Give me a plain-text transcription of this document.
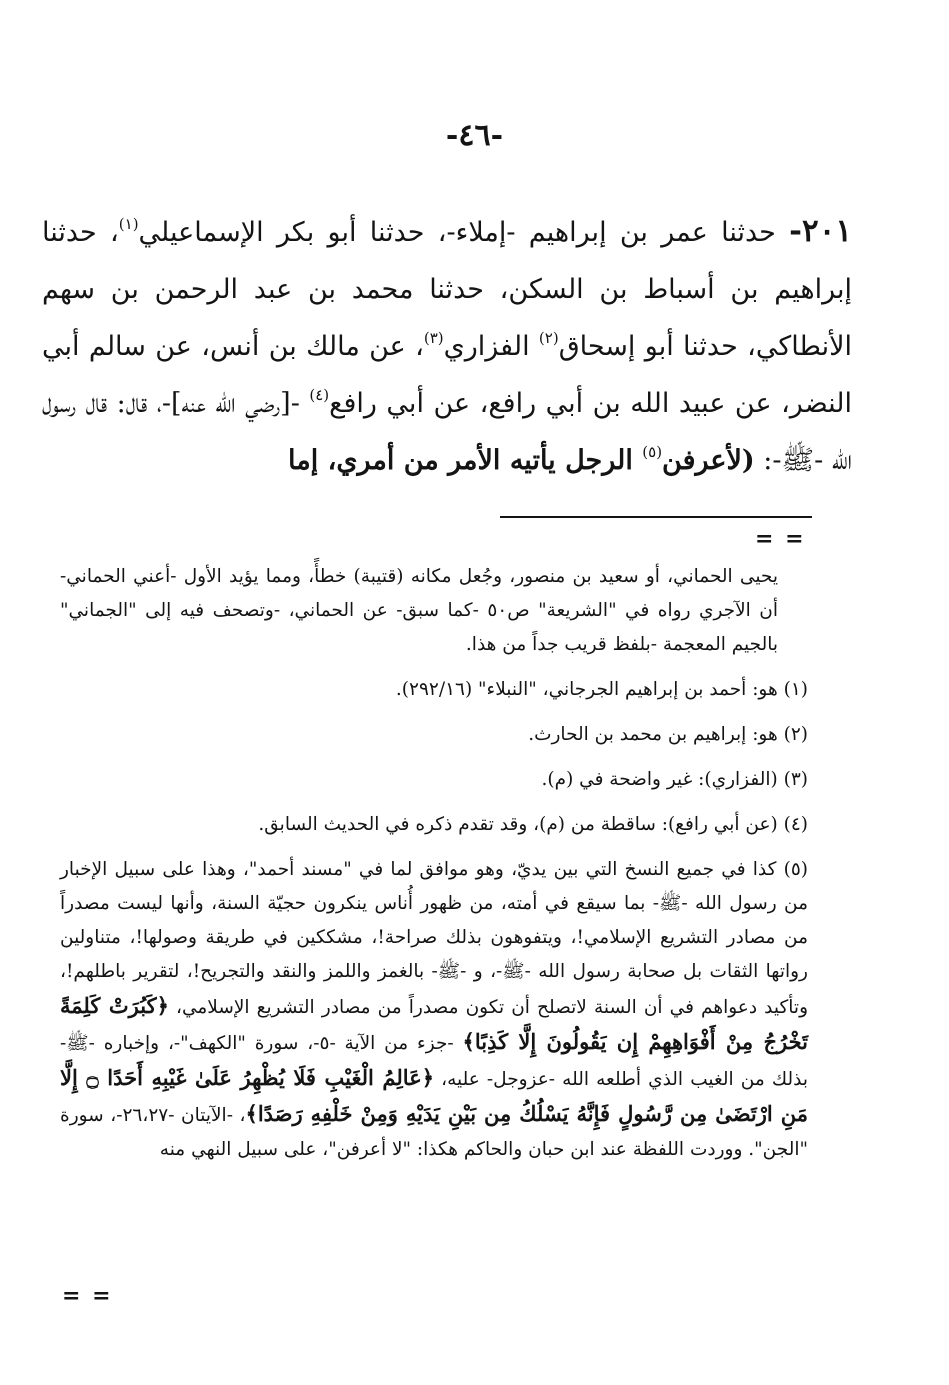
-٤٦-
٢٠١- حدثنا عمر بن إبراهيم -إملاء-، حدثنا أبو بكر الإسماعيلي$^{(١)}$، حدثنا إبراهيم بن أسباط بن السكن، حدثنا محمد بن عبد الرحمن بن سهم الأنطاكي، حدثنا أبو إسحاق$^{(٢)}$ الفزاري$^{(٣)}$، عن مالك بن أنس، عن سالم أبي النضر، عن عبيد الله بن أبي رافع، عن أبي رافع$^{(٤)}$ -[رضي الله عنه]-، قال: قال رسول الله -ﷺ-: (لأعرفن$^{(٥)}$ الرجل يأتيه الأمر من أمري، إما
= =

يحيى الحماني، أو سعيد بن منصور، وجُعل مكانه (قتيبة) خطأً، ومما يؤيد الأول -أعني الحماني- أن الآجري رواه في "الشريعة" ص٥٠ -كما سبق- عن الحماني، -وتصحف فيه إلى "الجماني" بالجيم المعجمة -بلفظ قريب جداً من هذا.

(١) هو: أحمد بن إبراهيم الجرجاني، "النبلاء" (٢٩٢/١٦).

(٢) هو: إبراهيم بن محمد بن الحارث.

(٣) (الفزاري): غير واضحة في (م).

(٤) (عن أبي رافع): ساقطة من (م)، وقد تقدم ذكره في الحديث السابق.

(٥) كذا في جميع النسخ التي بين يديّ، وهو موافق لما في "مسند أحمد"، وهذا على سبيل الإخبار من رسول الله -ﷺ- بما سيقع في أمته، من ظهور أُناس ينكرون حجيّة السنة، وأنها ليست مصدراً من مصادر التشريع الإسلامي!، ويتفوهون بذلك صراحة!، مشككين في طريقة وصولها!، متناولين رواتها الثقات بل صحابة رسول الله -ﷺ-، و -ﷺ- بالغمز واللمز والنقد والتجريح!، لتقرير باطلهم!، وتأكيد دعواهم في أن السنة لاتصلح أن تكون مصدراً من مصادر التشريع الإسلامي، ﴿كَبُرَتْ كَلِمَةً تَخْرُجُ مِنْ أَفْوَاهِهِمْ إِن يَقُولُونَ إِلَّا كَذِبًا﴾ -جزء من الآية -٥-، سورة "الكهف"-، وإخباره -ﷺ- بذلك من الغيب الذي أطلعه الله -عزوجل- عليه، ﴿عَالِمُ الْغَيْبِ فَلَا يُظْهِرُ عَلَىٰ غَيْبِهِ أَحَدًا ۝ إِلَّا مَنِ ارْتَضَىٰ مِن رَّسُولٍ فَإِنَّهُ يَسْلُكُ مِن بَيْنِ يَدَيْهِ وَمِنْ خَلْفِهِ رَصَدًا﴾، -الآيتان -٢٦،٢٧-، سورة "الجن". ووردت اللفظة عند ابن حبان والحاكم هكذا: "لا أعرفن"، على سبيل النهي منه

= =
